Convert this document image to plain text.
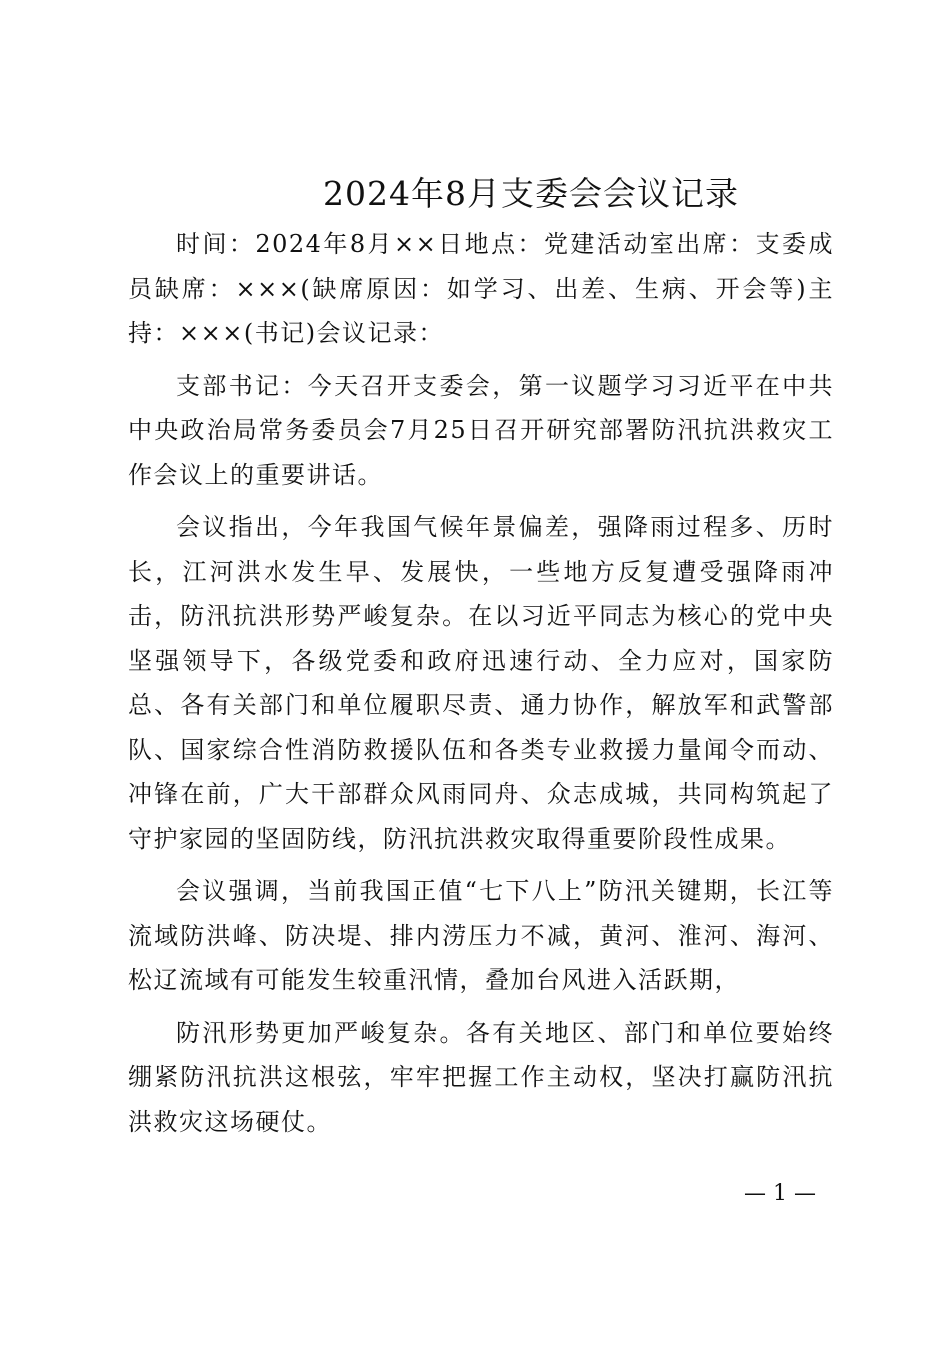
2024年8月支委会会议记录

时间：2024年8月××日地点：党建活动室出席：支委成员缺席：×××(缺席原因：如学习、出差、生病、开会等)主持：×××(书记)会议记录：

支部书记：今天召开支委会，第一议题学习习近平在中共中央政治局常务委员会7月25日召开研究部署防汛抗洪救灾工作会议上的重要讲话。

会议指出，今年我国气候年景偏差，强降雨过程多、历时长，江河洪水发生早、发展快，一些地方反复遭受强降雨冲击，防汛抗洪形势严峻复杂。在以习近平同志为核心的党中央坚强领导下，各级党委和政府迅速行动、全力应对，国家防总、各有关部门和单位履职尽责、通力协作，解放军和武警部队、国家综合性消防救援队伍和各类专业救援力量闻令而动、冲锋在前，广大干部群众风雨同舟、众志成城，共同构筑起了守护家园的坚固防线，防汛抗洪救灾取得重要阶段性成果。

会议强调，当前我国正值“七下八上”防汛关键期，长江等流域防洪峰、防决堤、排内涝压力不减，黄河、淮河、海河、松辽流域有可能发生较重汛情，叠加台风进入活跃期，

防汛形势更加严峻复杂。各有关地区、部门和单位要始终绷紧防汛抗洪这根弦，牢牢把握工作主动权，坚决打赢防汛抗洪救灾这场硬仗。

— 1 —
